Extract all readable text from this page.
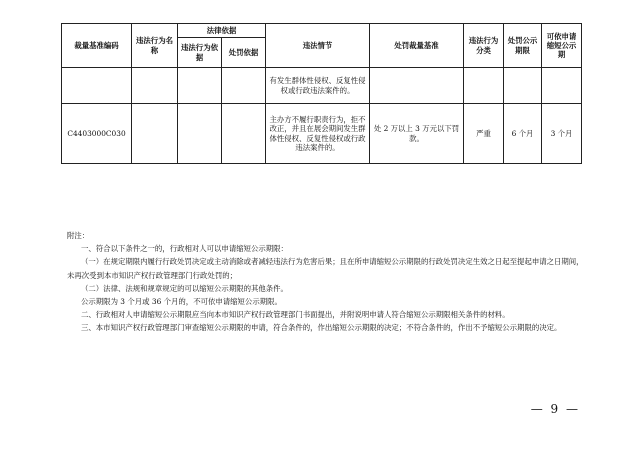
裁量基准编码	违法行为名称	法律依据		违法情节	处罚裁量基准	违法行为分类	处罚公示期限	可依申请缩短公示期
		违法行为依据	处罚依据					
				有发生群体性侵权、反复性侵权或行政违法案件的。				
C4403000C030				主办方不履行职责行为，拒不改正，并且在展会期间发生群体性侵权、反复性侵权或行政违法案件的。	处 2 万以上 3 万元以下罚款。	严重	6 个月	3 个月

附注：

一、符合以下条件之一的，行政相对人可以申请缩短公示期限：

（一）在规定期限内履行行政处罚决定或主动消除或者减轻违法行为危害后果；且在所申请缩短公示期限的行政处罚决定生效之日起至提起申请之日期间，未再次受到本市知识产权行政管理部门行政处罚的；

（二）法律、法规和规章规定的可以缩短公示期限的其他条件。

公示期限为 3 个月或 36 个月的，不可依申请缩短公示期限。

二、行政相对人申请缩短公示期限应当向本市知识产权行政管理部门书面提出，并附说明申请人符合缩短公示期限相关条件的材料。

三、本市知识产权行政管理部门审查缩短公示期限的申请，符合条件的，作出缩短公示期限的决定；不符合条件的，作出不予缩短公示期限的决定。

— 9 —
